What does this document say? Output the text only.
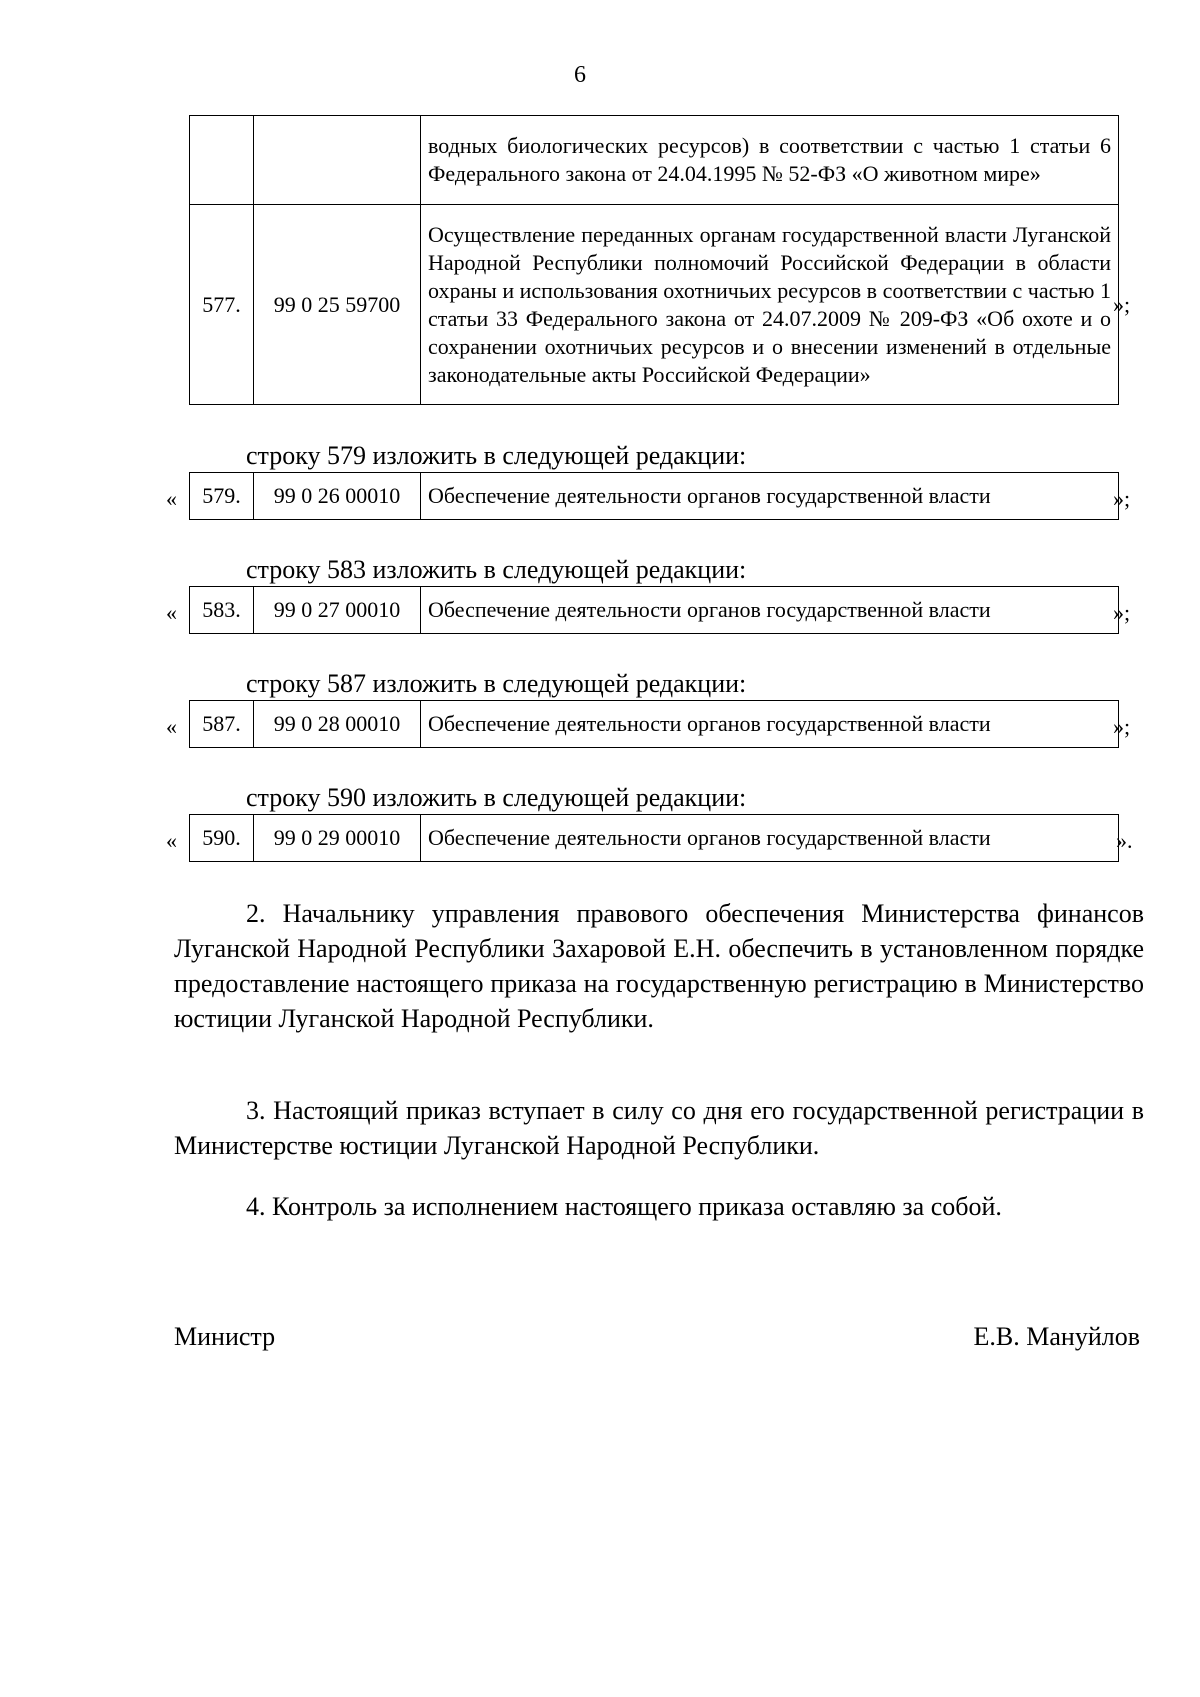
6
		водных биологических ресурсов) в соответствии с частью 1 статьи 6 Федерального закона от 24.04.1995 № 52-ФЗ «О животном мире»
577.	99 0 25 59700	Осуществление переданных органам государственной власти Луганской Народной Республики полномочий Российской Федерации в области охраны и использования охотничьих ресурсов в соответствии с частью 1 статьи 33 Федерального закона от 24.07.2009 № 209-ФЗ «Об охоте и о сохранении охотничьих ресурсов и о внесении изменений в отдельные законодательные акты Российской Федерации»
»;
строку 579 изложить в следующей редакции:
« 579.	99 0 26 00010	Обеспечение деятельности органов государственной власти	»;
строку 583 изложить в следующей редакции:
« 583.	99 0 27 00010	Обеспечение деятельности органов государственной власти	»;
строку 587 изложить в следующей редакции:
« 587.	99 0 28 00010	Обеспечение деятельности органов государственной власти	»;
строку 590 изложить в следующей редакции:
« 590.	99 0 29 00010	Обеспечение деятельности органов государственной власти	».
2. Начальнику управления правового обеспечения Министерства финансов Луганской Народной Республики Захаровой Е.Н. обеспечить в установленном порядке предоставление настоящего приказа на государственную регистрацию в Министерство юстиции Луганской Народной Республики.
3. Настоящий приказ вступает в силу со дня его государственной регистрации в Министерстве юстиции Луганской Народной Республики.
4. Контроль за исполнением настоящего приказа оставляю за собой.
Министр	Е.В. Мануйлов
